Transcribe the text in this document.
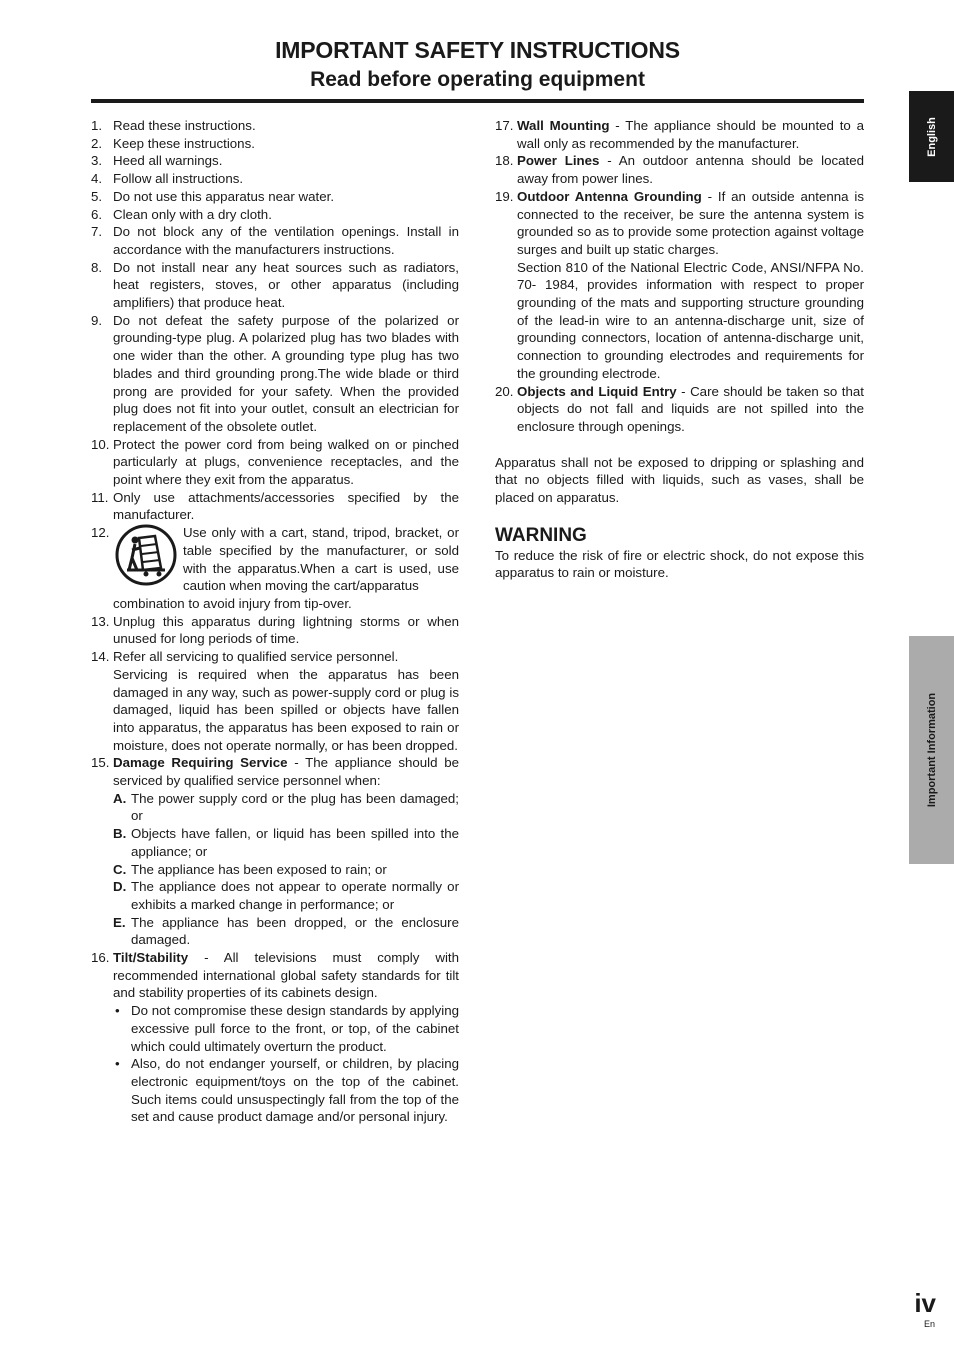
IMPORTANT SAFETY INSTRUCTIONS
Read before operating equipment
1. Read these instructions.
2. Keep these instructions.
3. Heed all warnings.
4. Follow all instructions.
5. Do not use this apparatus near water.
6. Clean only with a dry cloth.
7. Do not block any of the ventilation openings. Install in accordance with the manufacturers instructions.
8. Do not install near any heat sources such as radiators, heat registers, stoves, or other apparatus (including amplifiers) that produce heat.
9. Do not defeat the safety purpose of the polarized or grounding-type plug. A polarized plug has two blades with one wider than the other. A grounding type plug has two blades and third grounding prong.The wide blade or third prong are provided for your safety. When the provided plug does not fit into your outlet, consult an electrician for replacement of the obsolete outlet.
10. Protect the power cord from being walked on or pinched particularly at plugs, convenience receptacles, and the point where they exit from the apparatus.
11. Only use attachments/accessories specified by the manufacturer.
12.	Use only with a cart, stand, tripod, bracket, or table specified by the manufacturer, or sold with the apparatus.When a cart is used, use caution when moving the cart/apparatus
combination to avoid injury from tip-over.
13. Unplug this apparatus during lightning storms or when unused for long periods of time.
14. Refer all servicing to qualified service personnel.
Servicing is required when the apparatus has been damaged in any way, such as power-supply cord or plug is damaged, liquid has been spilled or objects have fallen into apparatus, the apparatus has been exposed to rain or moisture, does not operate normally, or has been dropped.
15. Damage Requiring Service - The appliance should be serviced by qualified service personnel when:
A. The power supply cord or the plug has been damaged; or
B. Objects have fallen, or liquid has been spilled into the appliance; or
C. The appliance has been exposed to rain; or
D. The appliance does not appear to operate normally or exhibits a marked change in performance; or
E. The appliance has been dropped, or the enclosure damaged.
16. Tilt/Stability - All televisions must comply with recommended international global safety standards for tilt and stability properties of its cabinets design.
• Do not compromise these design standards by applying excessive pull force to the front, or top, of the cabinet which could ultimately overturn the product.
• Also, do not endanger yourself, or children, by placing electronic equipment/toys on the top of the cabinet. Such items could unsuspectingly fall from the top of the set and cause product damage and/or personal injury.
17. Wall Mounting - The appliance should be mounted to a wall only as recommended by the manufacturer.
18. Power Lines - An outdoor antenna should be located away from power lines.
19. Outdoor Antenna Grounding - If an outside antenna is connected to the receiver, be sure the antenna system is grounded so as to provide some protection against voltage surges and built up static charges.
Section 810 of the National Electric Code, ANSI/NFPA No. 70- 1984, provides information with respect to proper grounding of the mats and supporting structure grounding of the lead-in wire to an antenna-discharge unit, size of grounding connectors, location of antenna-discharge unit, connection to grounding electrodes and requirements for the grounding electrode.
20. Objects and Liquid Entry - Care should be taken so that objects do not fall and liquids are not spilled into the enclosure through openings.
Apparatus shall not be exposed to dripping or splashing and that no objects filled with liquids, such as vases, shall be placed on apparatus.
WARNING
To reduce the risk of fire or electric shock, do not expose this apparatus to rain or moisture.
English
Important Information
iv
En
